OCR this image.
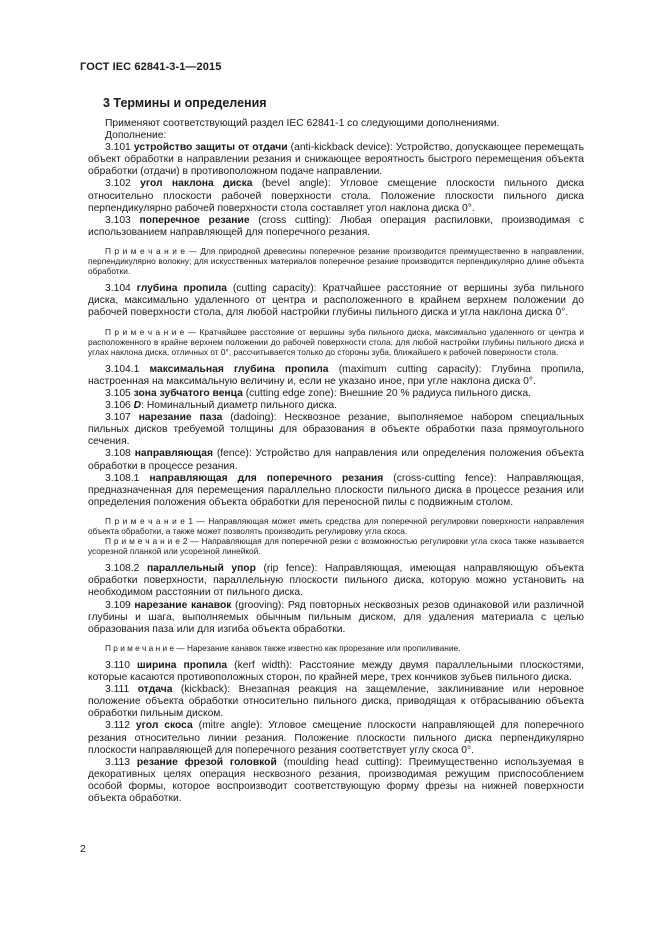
ГОСТ IEC 62841-3-1—2015
3 Термины и определения

Применяют соответствующий раздел IEC 62841-1 со следующими дополнениями.

Дополнение:

3.101 устройство защиты от отдачи (anti-kickback device): Устройство, допускающее перемещать объект обработки в направлении резания и снижающее вероятность быстрого перемещения объекта обработки (отдачи) в противоположном подаче направлении.

3.102 угол наклона диска (bevel angle): Угловое смещение плоскости пильного диска относительно плоскости рабочей поверхности стола. Положение плоскости пильного диска перпендикулярно рабочей поверхности стола составляет угол наклона диска 0°.

3.103 поперечное резание (cross cutting): Любая операция распиловки, производимая с использованием направляющей для поперечного резания.

П р и м е ч а н и е — Для природной древесины поперечное резание производится преимущественно в направлении, перпендикулярно волокну; для искусственных материалов поперечное резание производится перпендикулярно длине объекта обработки.

3.104 глубина пропила (cutting capacity): Кратчайшее расстояние от вершины зуба пильного диска, максимально удаленного от центра и расположенного в крайнем верхнем положении до рабочей поверхности стола, для любой настройки глубины пильного диска и угла наклона диска 0°.

П р и м е ч а н и е — Кратчайшее расстояние от вершины зуба пильного диска, максимально удаленного от центра и расположенного в крайне верхнем положении до рабочей поверхности стола, для любой настройки глубины пильного диска и углах наклона диска, отличных от 0°, рассчитывается только до стороны зуба, ближайшего к рабочей поверхности стола.

3.104.1 максимальная глубина пропила (maximum cutting capacity): Глубина пропила, настроенная на максимальную величину и, если не указано иное, при угле наклона диска 0°.

3.105 зона зубчатого венца (cutting edge zone): Внешние 20 % радиуса пильного диска.

3.106 D: Номинальный диаметр пильного диска.

3.107 нарезание паза (dadoing): Несквозное резание, выполняемое набором специальных пильных дисков требуемой толщины для образования в объекте обработки паза прямоугольного сечения.

3.108 направляющая (fence): Устройство для направления или определения положения объекта обработки в процессе резания.

3.108.1 направляющая для поперечного резания (cross-cutting fence): Направляющая, предназначенная для перемещения параллельно плоскости пильного диска в процессе резания или определения положения объекта обработки для переносной пилы с подвижным столом.

П р и м е ч а н и е 1 — Направляющая может иметь средства для поперечной регулировки поверхности направления объекта обработки, а также может позволять производить регулировку угла скоса.

П р и м е ч а н и е 2 — Направляющая для поперечной резки с возможностью регулировки угла скоса также называется усорезной планкой или усорезной линейкой.

3.108.2 параллельный упор (rip fence): Направляющая, имеющая направляющую объекта обработки поверхности, параллельную плоскости пильного диска, которую можно установить на необходимом расстоянии от пильного диска.

3.109 нарезание канавок (grooving): Ряд повторных несквозных резов одинаковой или различной глубины и шага, выполняемых обычным пильным диском, для удаления материала с целью образования паза или для изгиба объекта обработки.

П р и м е ч а н и е — Нарезание канавок также известно как прорезание или пропиливание.

3.110 ширина пропила (kerf width): Расстояние между двумя параллельными плоскостями, которые касаются противоположных сторон, по крайней мере, трех кончиков зубьев пильного диска.

3.111 отдача (kickback): Внезапная реакция на защемление, заклинивание или неровное положение объекта обработки относительно пильного диска, приводящая к отбрасыванию объекта обработки пильным диском.

3.112 угол скоса (mitre angle): Угловое смещение плоскости направляющей для поперечного резания относительно линии резания. Положение плоскости пильного диска перпендикулярно плоскости направляющей для поперечного резания соответствует углу скоса 0°.

3.113 резание фрезой головкой (moulding head cutting): Преимущественно используемая в декоративных целях операция несквозного резания, производимая режущим приспособлением особой формы, которое воспроизводит соответствующую форму фрезы на нижней поверхности объекта обработки.

2
